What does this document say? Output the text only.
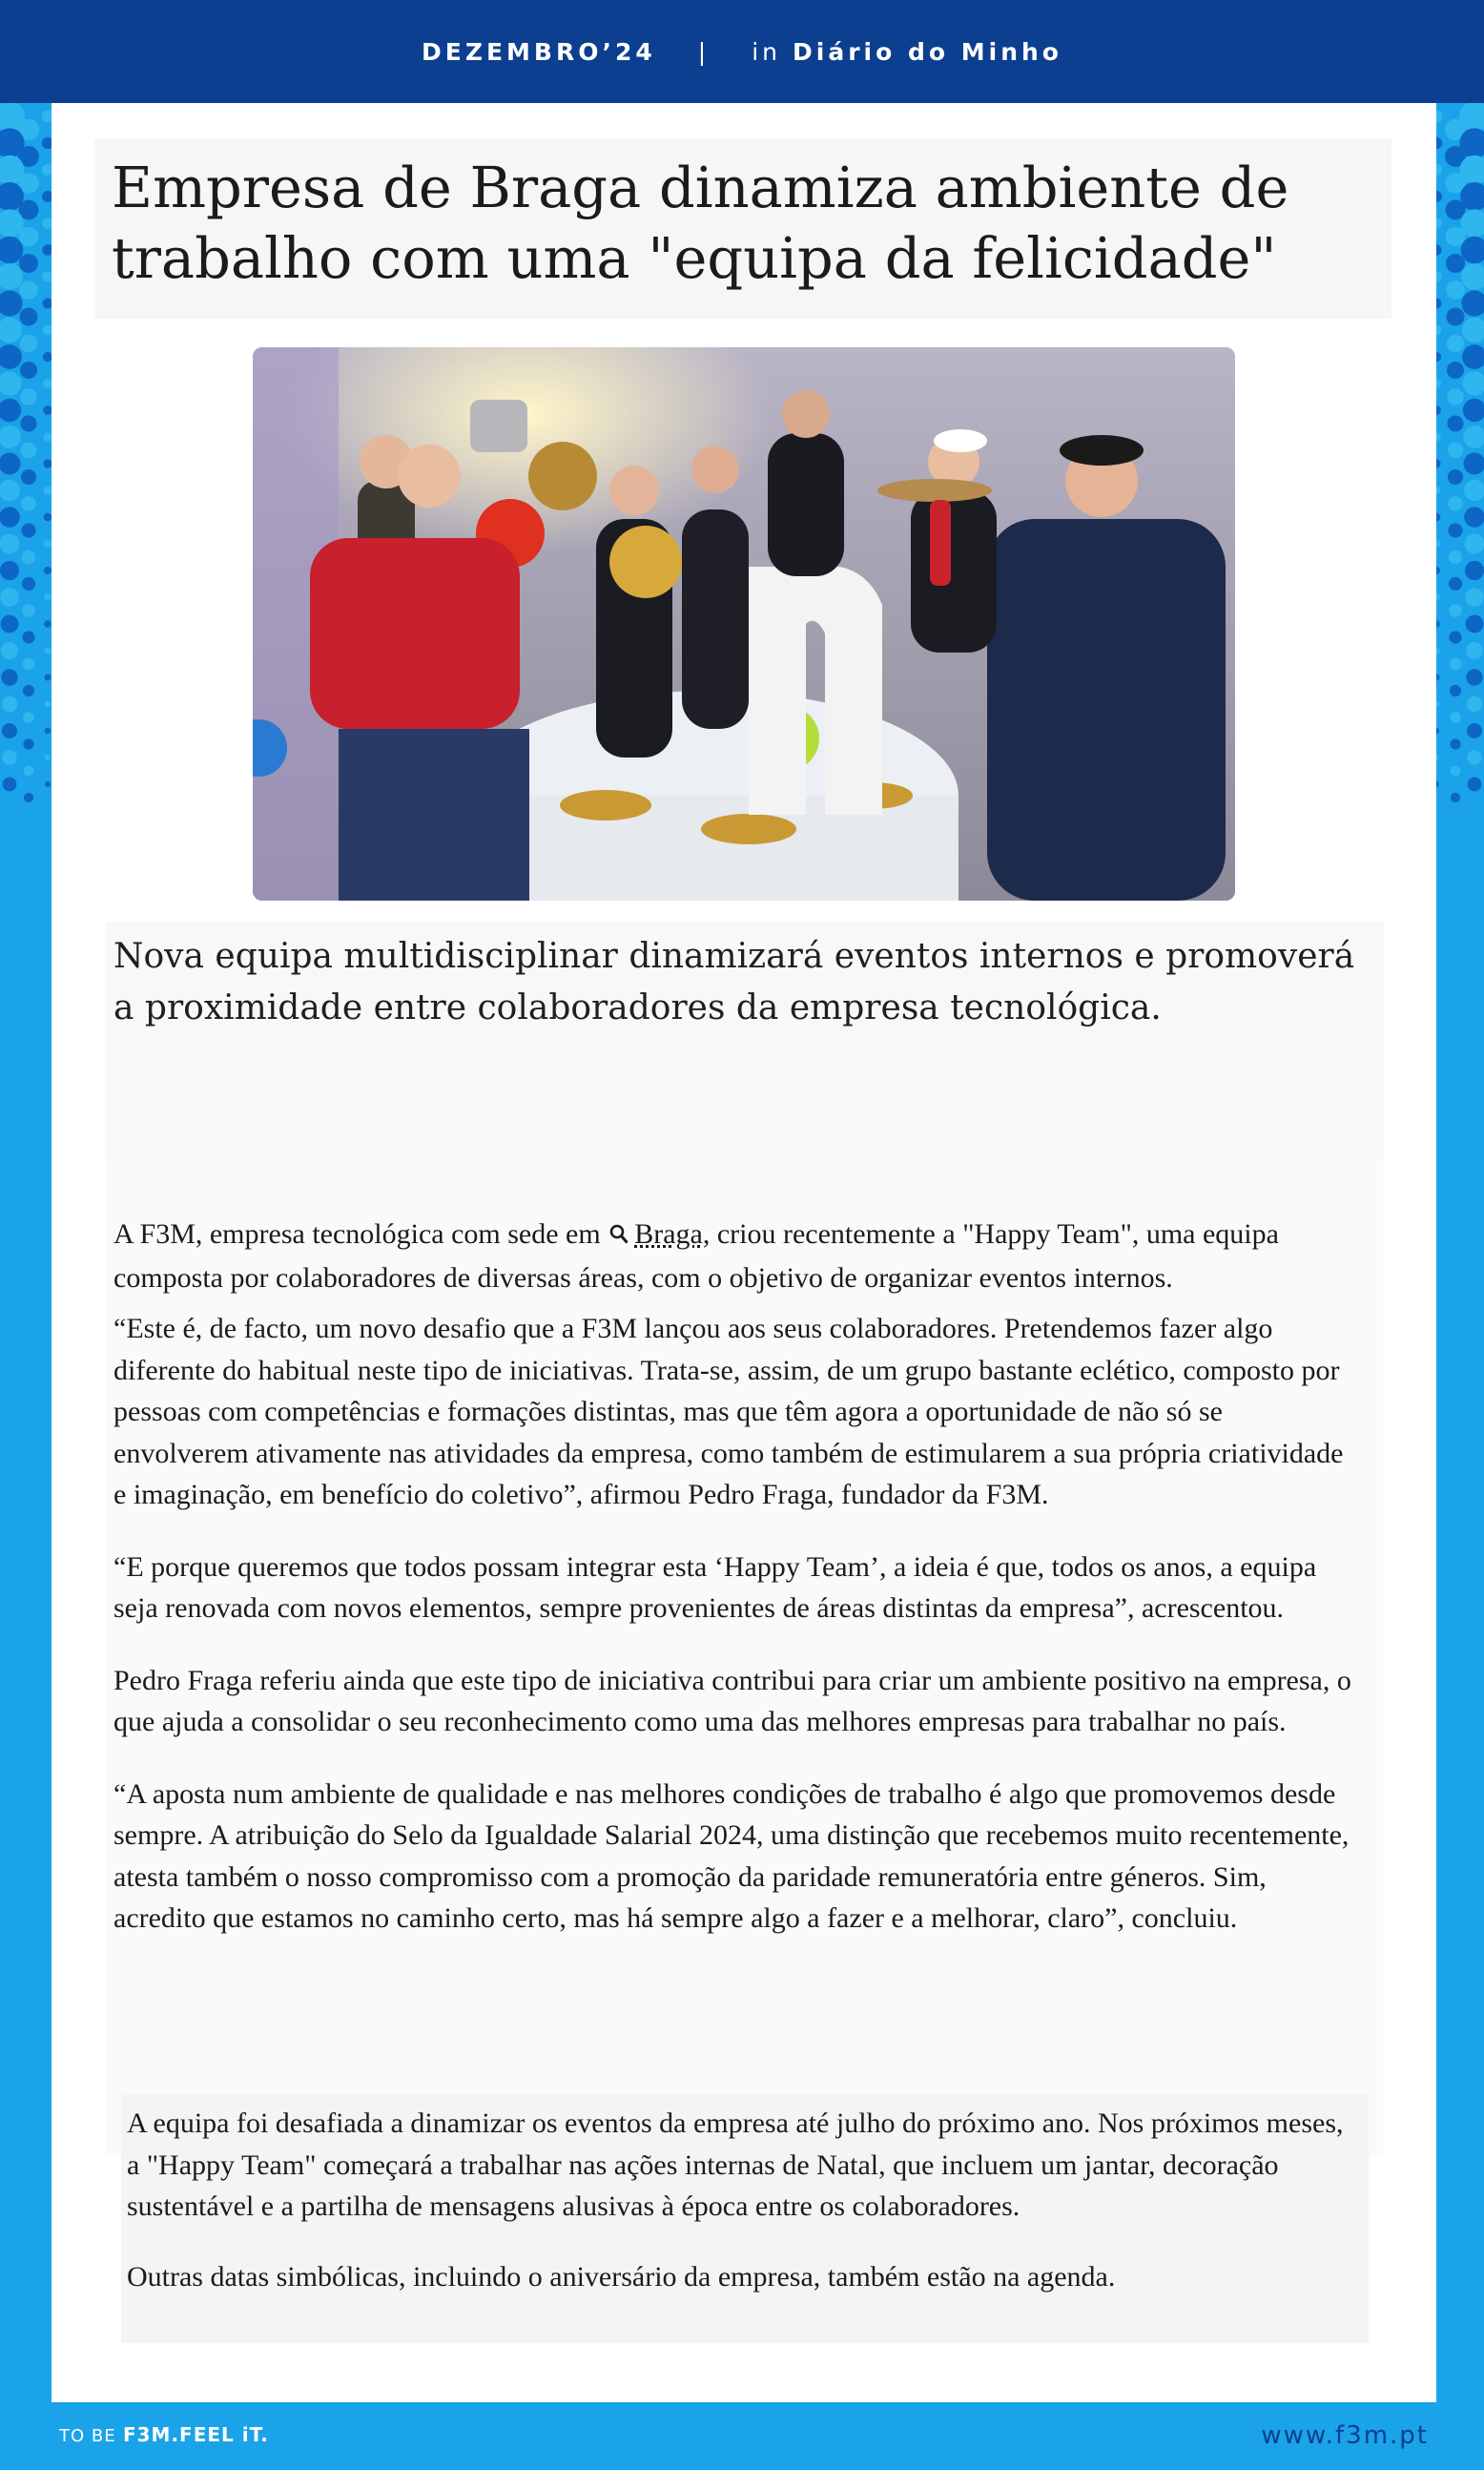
DEZEMBRO’24 | in Diário do Minho
Empresa de Braga dinamiza ambiente de trabalho com uma "equipa da felicidade"

Nova equipa multidisciplinar dinamizará eventos internos e promoverá a proximidade entre colaboradores da empresa tecnológica.

A F3M, empresa tecnológica com sede em Braga, criou recentemente a "Happy Team", uma equipa composta por colaboradores de diversas áreas, com o objetivo de organizar eventos internos.

“Este é, de facto, um novo desafio que a F3M lançou aos seus colaboradores. Pretendemos fazer algo diferente do habitual neste tipo de iniciativas. Trata-se, assim, de um grupo bastante eclético, composto por pessoas com competências e formações distintas, mas que têm agora a oportunidade de não só se envolverem ativamente nas atividades da empresa, como também de estimularem a sua própria criatividade e imaginação, em benefício do coletivo”, afirmou Pedro Fraga, fundador da F3M.

“E porque queremos que todos possam integrar esta ‘Happy Team’, a ideia é que, todos os anos, a equipa seja renovada com novos elementos, sempre provenientes de áreas distintas da empresa”, acrescentou.

Pedro Fraga referiu ainda que este tipo de iniciativa contribui para criar um ambiente positivo na empresa, o que ajuda a consolidar o seu reconhecimento como uma das melhores empresas para trabalhar no país.

“A aposta num ambiente de qualidade e nas melhores condições de trabalho é algo que promovemos desde sempre. A atribuição do Selo da Igualdade Salarial 2024, uma distinção que recebemos muito recentemente, atesta também o nosso compromisso com a promoção da paridade remuneratória entre géneros. Sim, acredito que estamos no caminho certo, mas há sempre algo a fazer e a melhorar, claro”, concluiu.

A equipa foi desafiada a dinamizar os eventos da empresa até julho do próximo ano. Nos próximos meses, a "Happy Team" começará a trabalhar nas ações internas de Natal, que incluem um jantar, decoração sustentável e a partilha de mensagens alusivas à época entre os colaboradores.

Outras datas simbólicas, incluindo o aniversário da empresa, também estão na agenda.

TO BE F3M.FEEL iT.	www.f3m.pt
